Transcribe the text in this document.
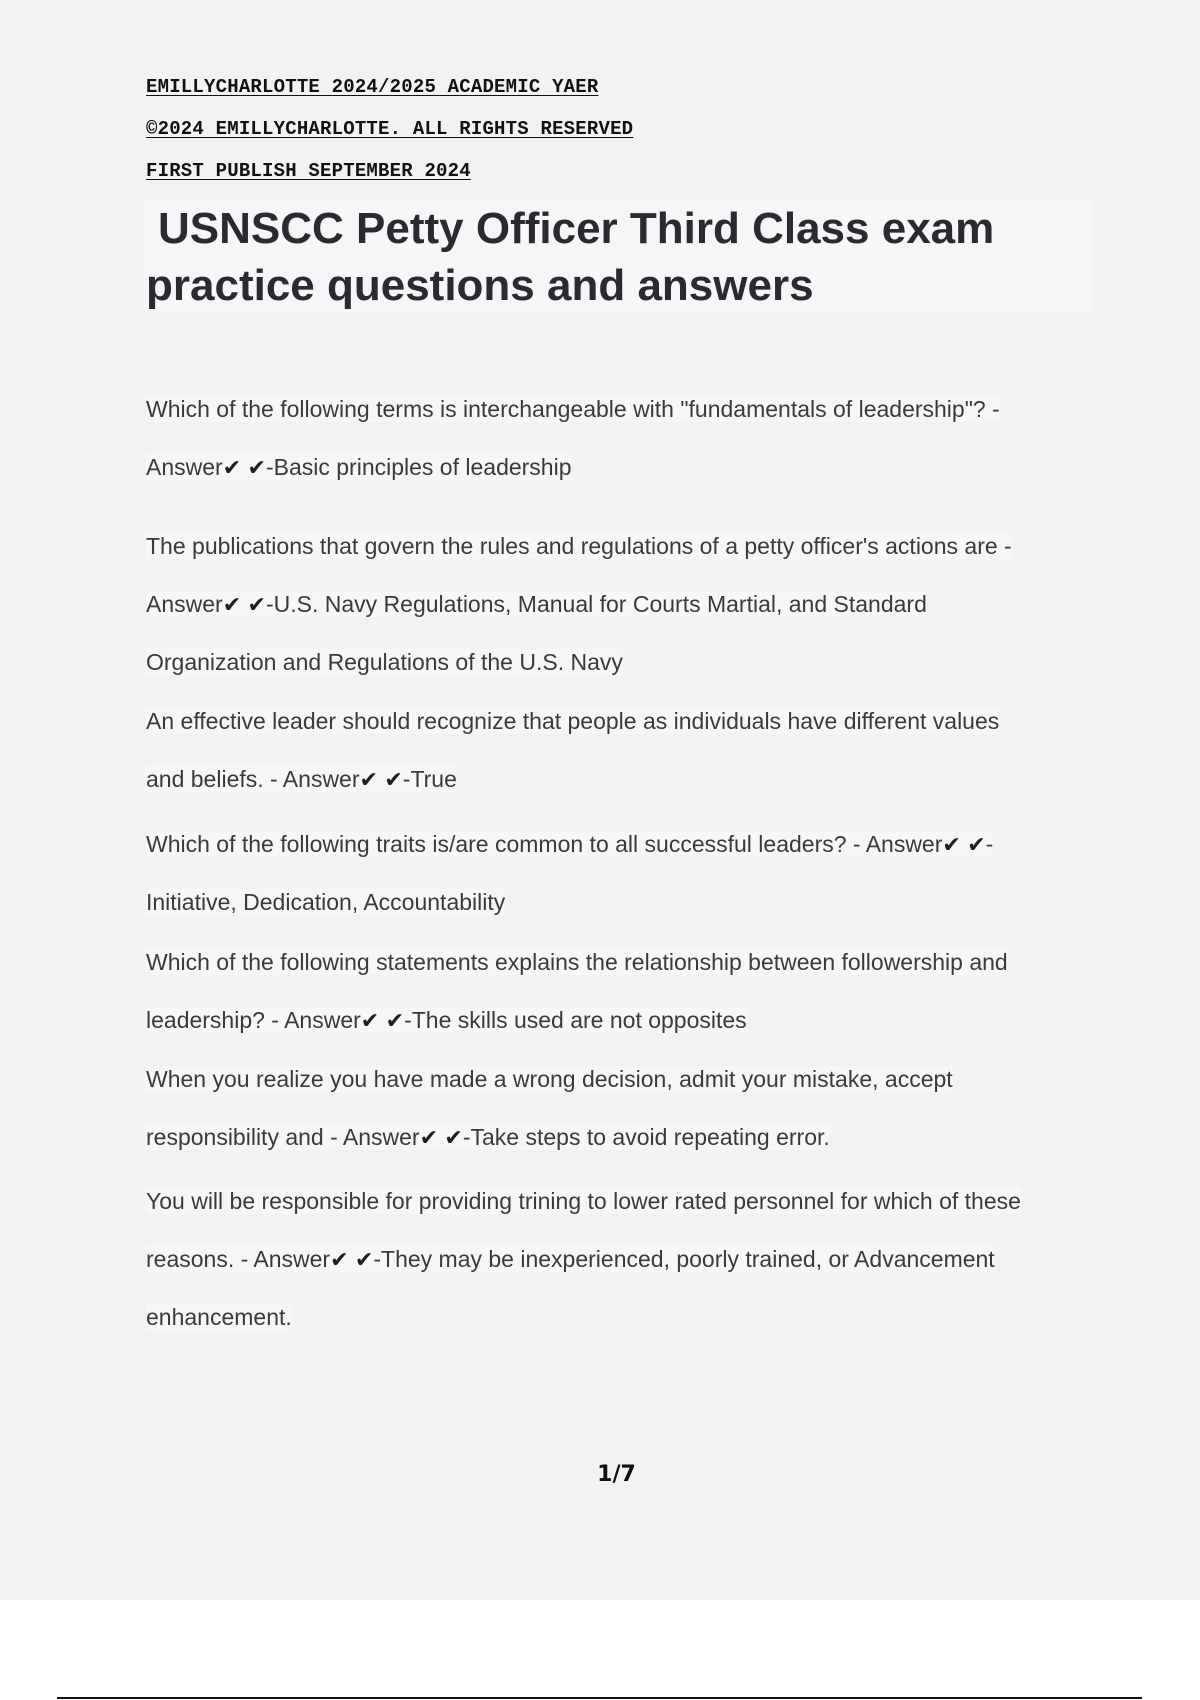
EMILLYCHARLOTTE 2024/2025 ACADEMIC YAER
©2024 EMILLYCHARLOTTE. ALL RIGHTS RESERVED
FIRST PUBLISH SEPTEMBER 2024
USNSCC Petty Officer Third Class exam
practice questions and answers
Which of the following terms is interchangeable with "fundamentals of leadership"? -
Answer✔ ✔-Basic principles of leadership
The publications that govern the rules and regulations of a petty officer's actions are -
Answer✔ ✔-U.S. Navy Regulations, Manual for Courts Martial, and Standard
Organization and Regulations of the U.S. Navy
An effective leader should recognize that people as individuals have different values
and beliefs. - Answer✔ ✔-True
Which of the following traits is/are common to all successful leaders? - Answer✔ ✔-
Initiative, Dedication, Accountability
Which of the following statements explains the relationship between followership and
leadership? - Answer✔ ✔-The skills used are not opposites
When you realize you have made a wrong decision, admit your mistake, accept
responsibility and - Answer✔ ✔-Take steps to avoid repeating error.
You will be responsible for providing trining to lower rated personnel for which of these
reasons. - Answer✔ ✔-They may be inexperienced, poorly trained, or Advancement
enhancement.
1/7
